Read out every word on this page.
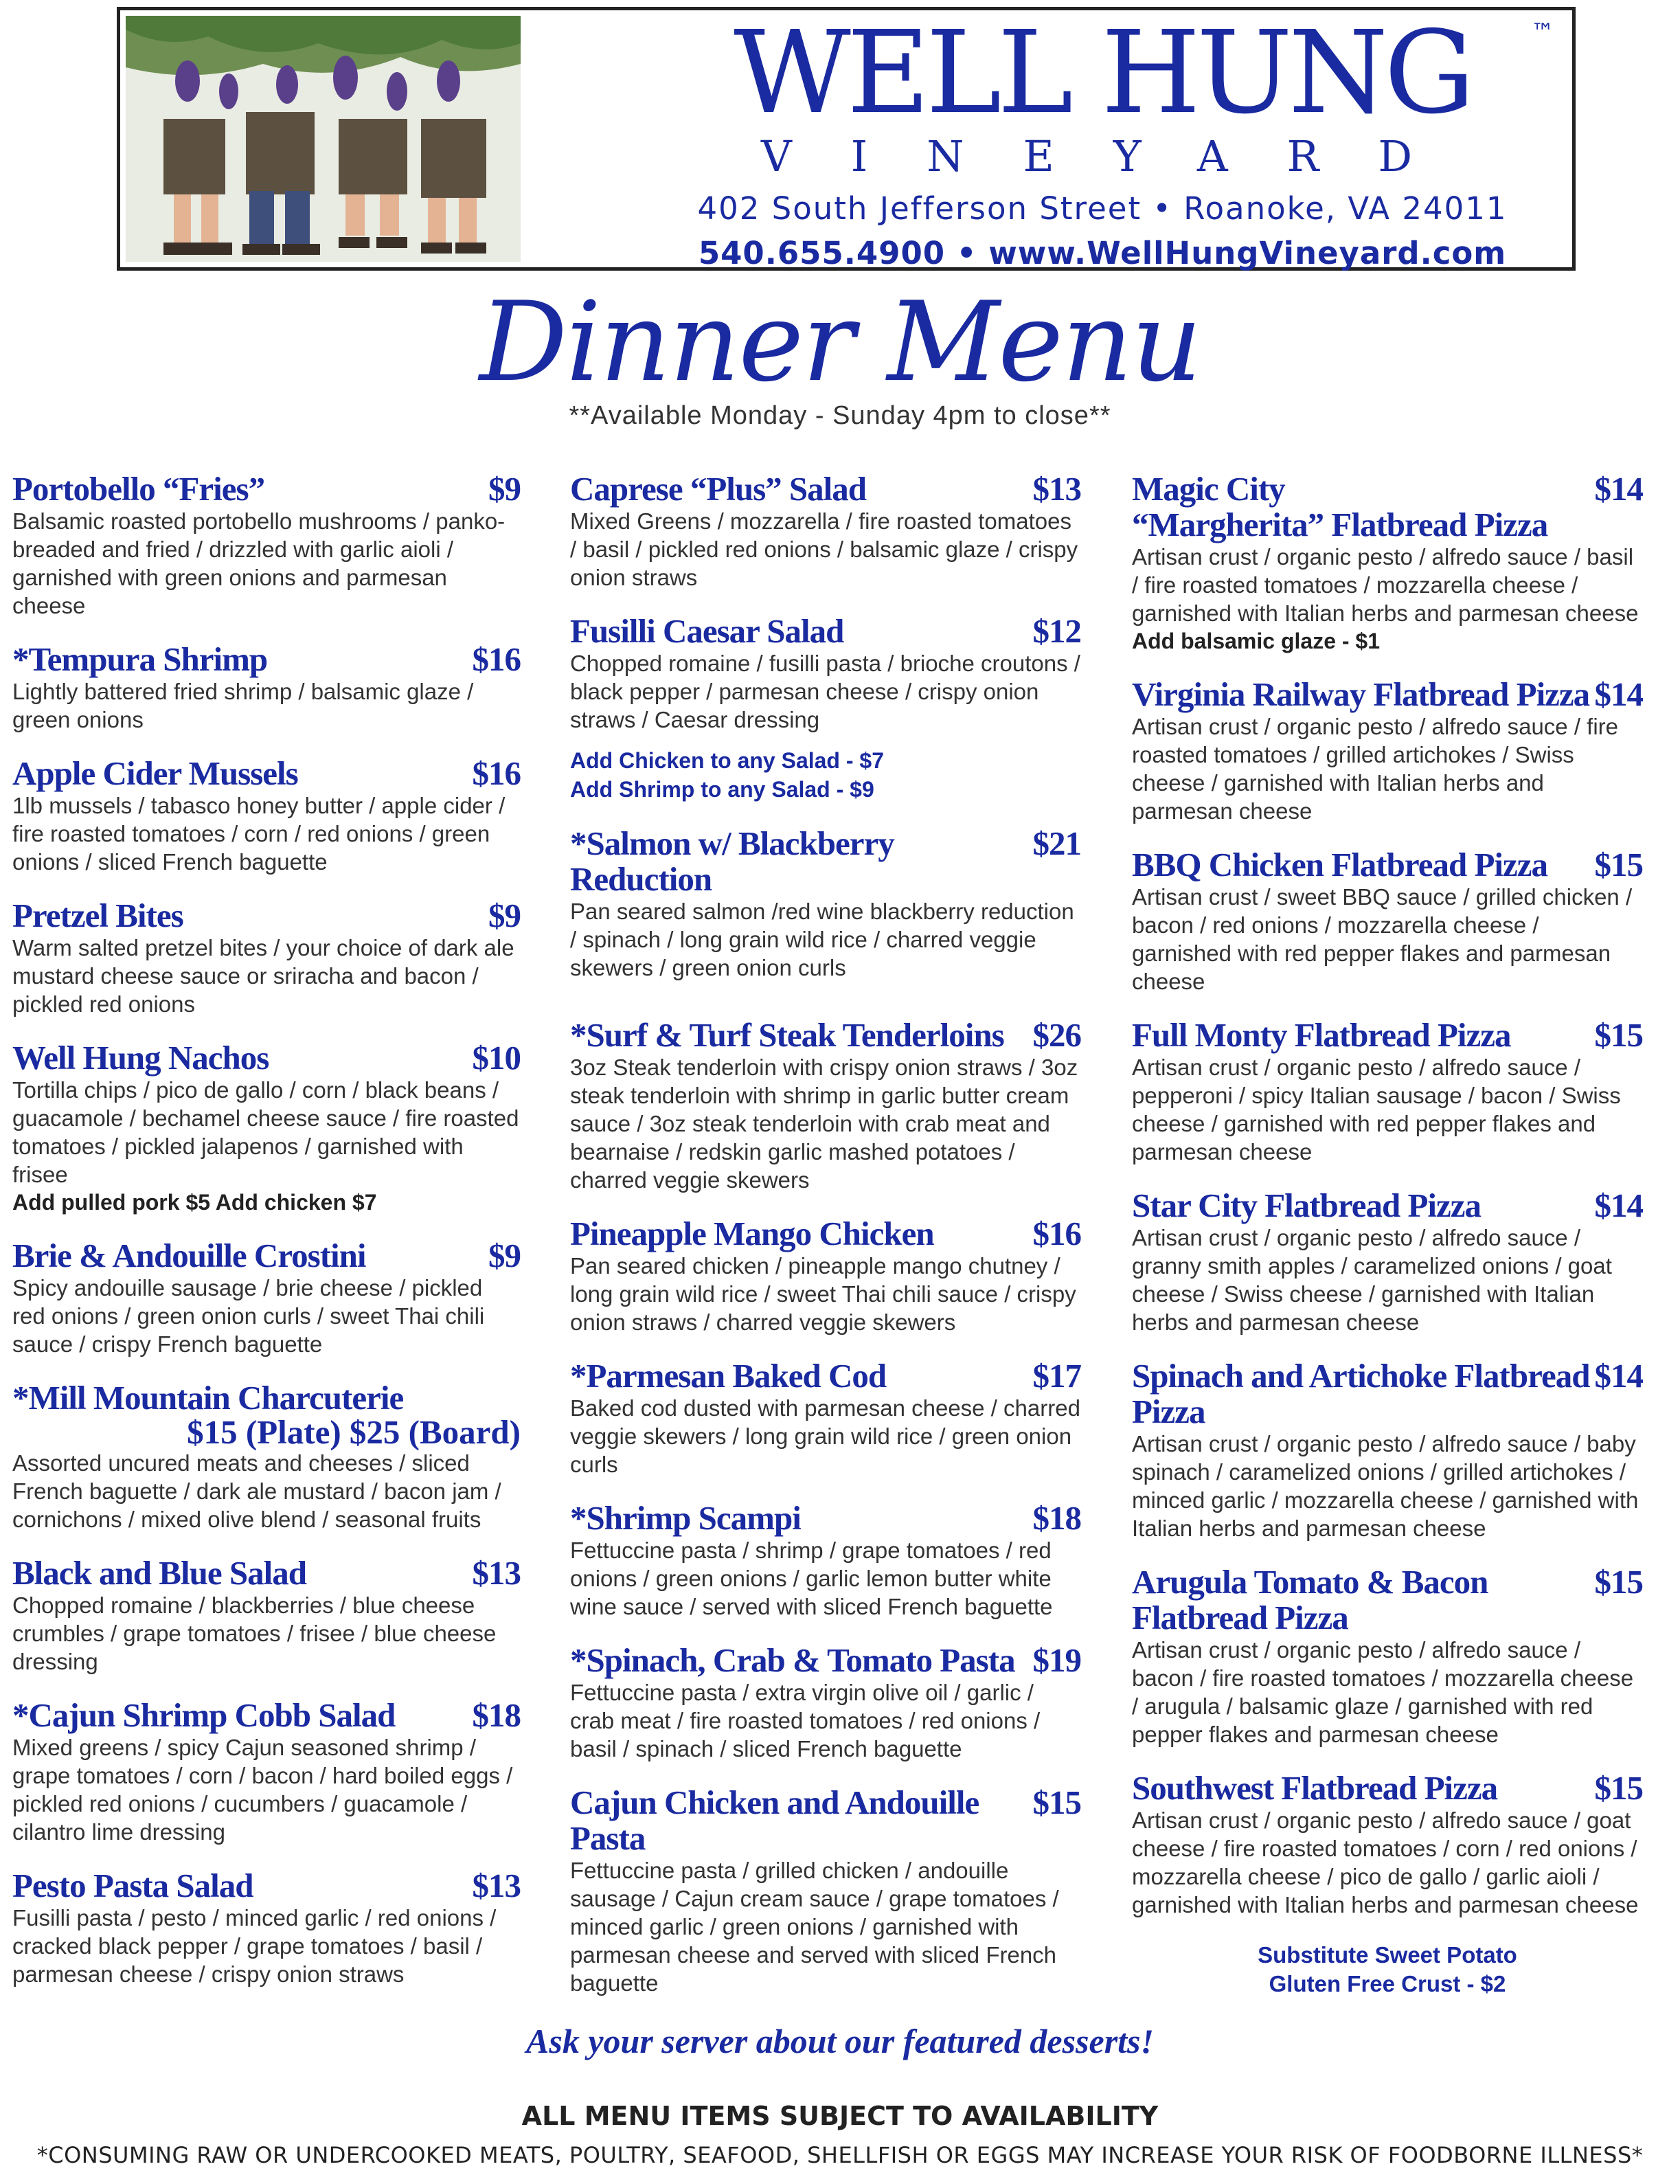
™
WELL HUNG
VINEYARD
402 South Jefferson Street • Roanoke, VA 24011
540.655.4900 • www.WellHungVineyard.com
Dinner Menu
**Available Monday - Sunday 4pm to close**
Portobello “Fries”	$9
Balsamic roasted portobello mushrooms / panko-breaded and fried / drizzled with garlic aioli / garnished with green onions and parmesan cheese
*Tempura Shrimp	$16
Lightly battered fried shrimp / balsamic glaze / green onions
Apple Cider Mussels	$16
1lb mussels / tabasco honey butter / apple cider / fire roasted tomatoes / corn / red onions / green onions / sliced French baguette
Pretzel Bites	$9
Warm salted pretzel bites / your choice of dark ale mustard cheese sauce or sriracha and bacon / pickled red onions
Well Hung Nachos	$10
Tortilla chips / pico de gallo / corn / black beans / guacamole / bechamel cheese sauce / fire roasted tomatoes / pickled jalapenos / garnished with frisee
Add pulled pork $5 Add chicken $7
Brie & Andouille Crostini	$9
Spicy andouille sausage / brie cheese / pickled red onions / green onion curls / sweet Thai chili sauce / crispy French baguette
*Mill Mountain Charcuterie
$15 (Plate) $25 (Board)
Assorted uncured meats and cheeses / sliced French baguette / dark ale mustard / bacon jam / cornichons / mixed olive blend / seasonal fruits
Black and Blue Salad	$13
Chopped romaine / blackberries / blue cheese crumbles / grape tomatoes / frisee / blue cheese dressing
*Cajun Shrimp Cobb Salad $18
Mixed greens / spicy Cajun seasoned shrimp / grape tomatoes / corn / bacon / hard boiled eggs / pickled red onions / cucumbers / guacamole / cilantro lime dressing
Pesto Pasta Salad	$13
Fusilli pasta / pesto / minced garlic / red onions / cracked black pepper / grape tomatoes / basil / parmesan cheese / crispy onion straws
Caprese “Plus” Salad	$13
Mixed Greens / mozzarella / fire roasted tomatoes / basil / pickled red onions / balsamic glaze / crispy onion straws
Fusilli Caesar Salad	$12
Chopped romaine / fusilli pasta / brioche croutons / black pepper / parmesan cheese / crispy onion straws / Caesar dressing
Add Chicken to any Salad - $7
Add Shrimp to any Salad - $9
*Salmon w/ Blackberry Reduction
$21
Pan seared salmon /red wine blackberry reduction / spinach / long grain wild rice / charred veggie skewers / green onion curls
*Surf & Turf Steak Tenderloins $26
3oz Steak tenderloin with crispy onion straws / 3oz steak tenderloin with shrimp in garlic butter cream sauce / 3oz steak tenderloin with crab meat and bearnaise / redskin garlic mashed potatoes / charred veggie skewers
Pineapple Mango Chicken	$16
Pan seared chicken / pineapple mango chutney / long grain wild rice / sweet Thai chili sauce / crispy onion straws / charred veggie skewers
*Parmesan Baked Cod	$17
Baked cod dusted with parmesan cheese / charred veggie skewers / long grain wild rice / green onion curls
*Shrimp Scampi	$18
Fettuccine pasta / shrimp / grape tomatoes / red onions / green onions / garlic lemon butter white wine sauce / served with sliced French baguette
*Spinach, Crab & Tomato Pasta $19
Fettuccine pasta / extra virgin olive oil / garlic / crab meat / fire roasted tomatoes / red onions / basil / spinach / sliced French baguette
Cajun Chicken and Andouille Pasta
$15
Fettuccine pasta / grilled chicken / andouille sausage / Cajun cream sauce / grape tomatoes / minced garlic / green onions / garnished with parmesan cheese and served with sliced French baguette
Magic City
“Margherita” Flatbread Pizza
$14
Artisan crust / organic pesto / alfredo sauce / basil / fire roasted tomatoes / mozzarella cheese / garnished with Italian herbs and parmesan cheese
Add balsamic glaze - $1
Virginia Railway Flatbread Pizza $14
Artisan crust / organic pesto / alfredo sauce / fire roasted tomatoes / grilled artichokes / Swiss cheese / garnished with Italian herbs and parmesan cheese
BBQ Chicken Flatbread Pizza $15
Artisan crust / sweet BBQ sauce / grilled chicken / bacon / red onions / mozzarella cheese / garnished with red pepper flakes and parmesan cheese
Full Monty Flatbread Pizza $15
Artisan crust / organic pesto / alfredo sauce / pepperoni / spicy Italian sausage / bacon / Swiss cheese / garnished with red pepper flakes and parmesan cheese
Star City Flatbread Pizza	$14
Artisan crust / organic pesto / alfredo sauce / granny smith apples / caramelized onions / goat cheese / Swiss cheese / garnished with Italian herbs and parmesan cheese
Spinach and Artichoke Flatbread Pizza
$14
Artisan crust / organic pesto / alfredo sauce / baby spinach / caramelized onions / grilled artichokes / minced garlic / mozzarella cheese / garnished with Italian herbs and parmesan cheese
Arugula Tomato & Bacon
Flatbread Pizza
$15
Artisan crust / organic pesto / alfredo sauce / bacon / fire roasted tomatoes / mozzarella cheese / arugula / balsamic glaze / garnished with red pepper flakes and parmesan cheese
Southwest Flatbread Pizza	$15
Artisan crust / organic pesto / alfredo sauce / goat cheese / fire roasted tomatoes / corn / red onions / mozzarella cheese / pico de gallo / garlic aioli / garnished with Italian herbs and parmesan cheese
Substitute Sweet Potato
Gluten Free Crust - $2
Ask your server about our featured desserts!
ALL MENU ITEMS SUBJECT TO AVAILABILITY
*CONSUMING RAW OR UNDERCOOKED MEATS, POULTRY, SEAFOOD, SHELLFISH OR EGGS MAY INCREASE YOUR RISK OF FOODBORNE ILLNESS*
